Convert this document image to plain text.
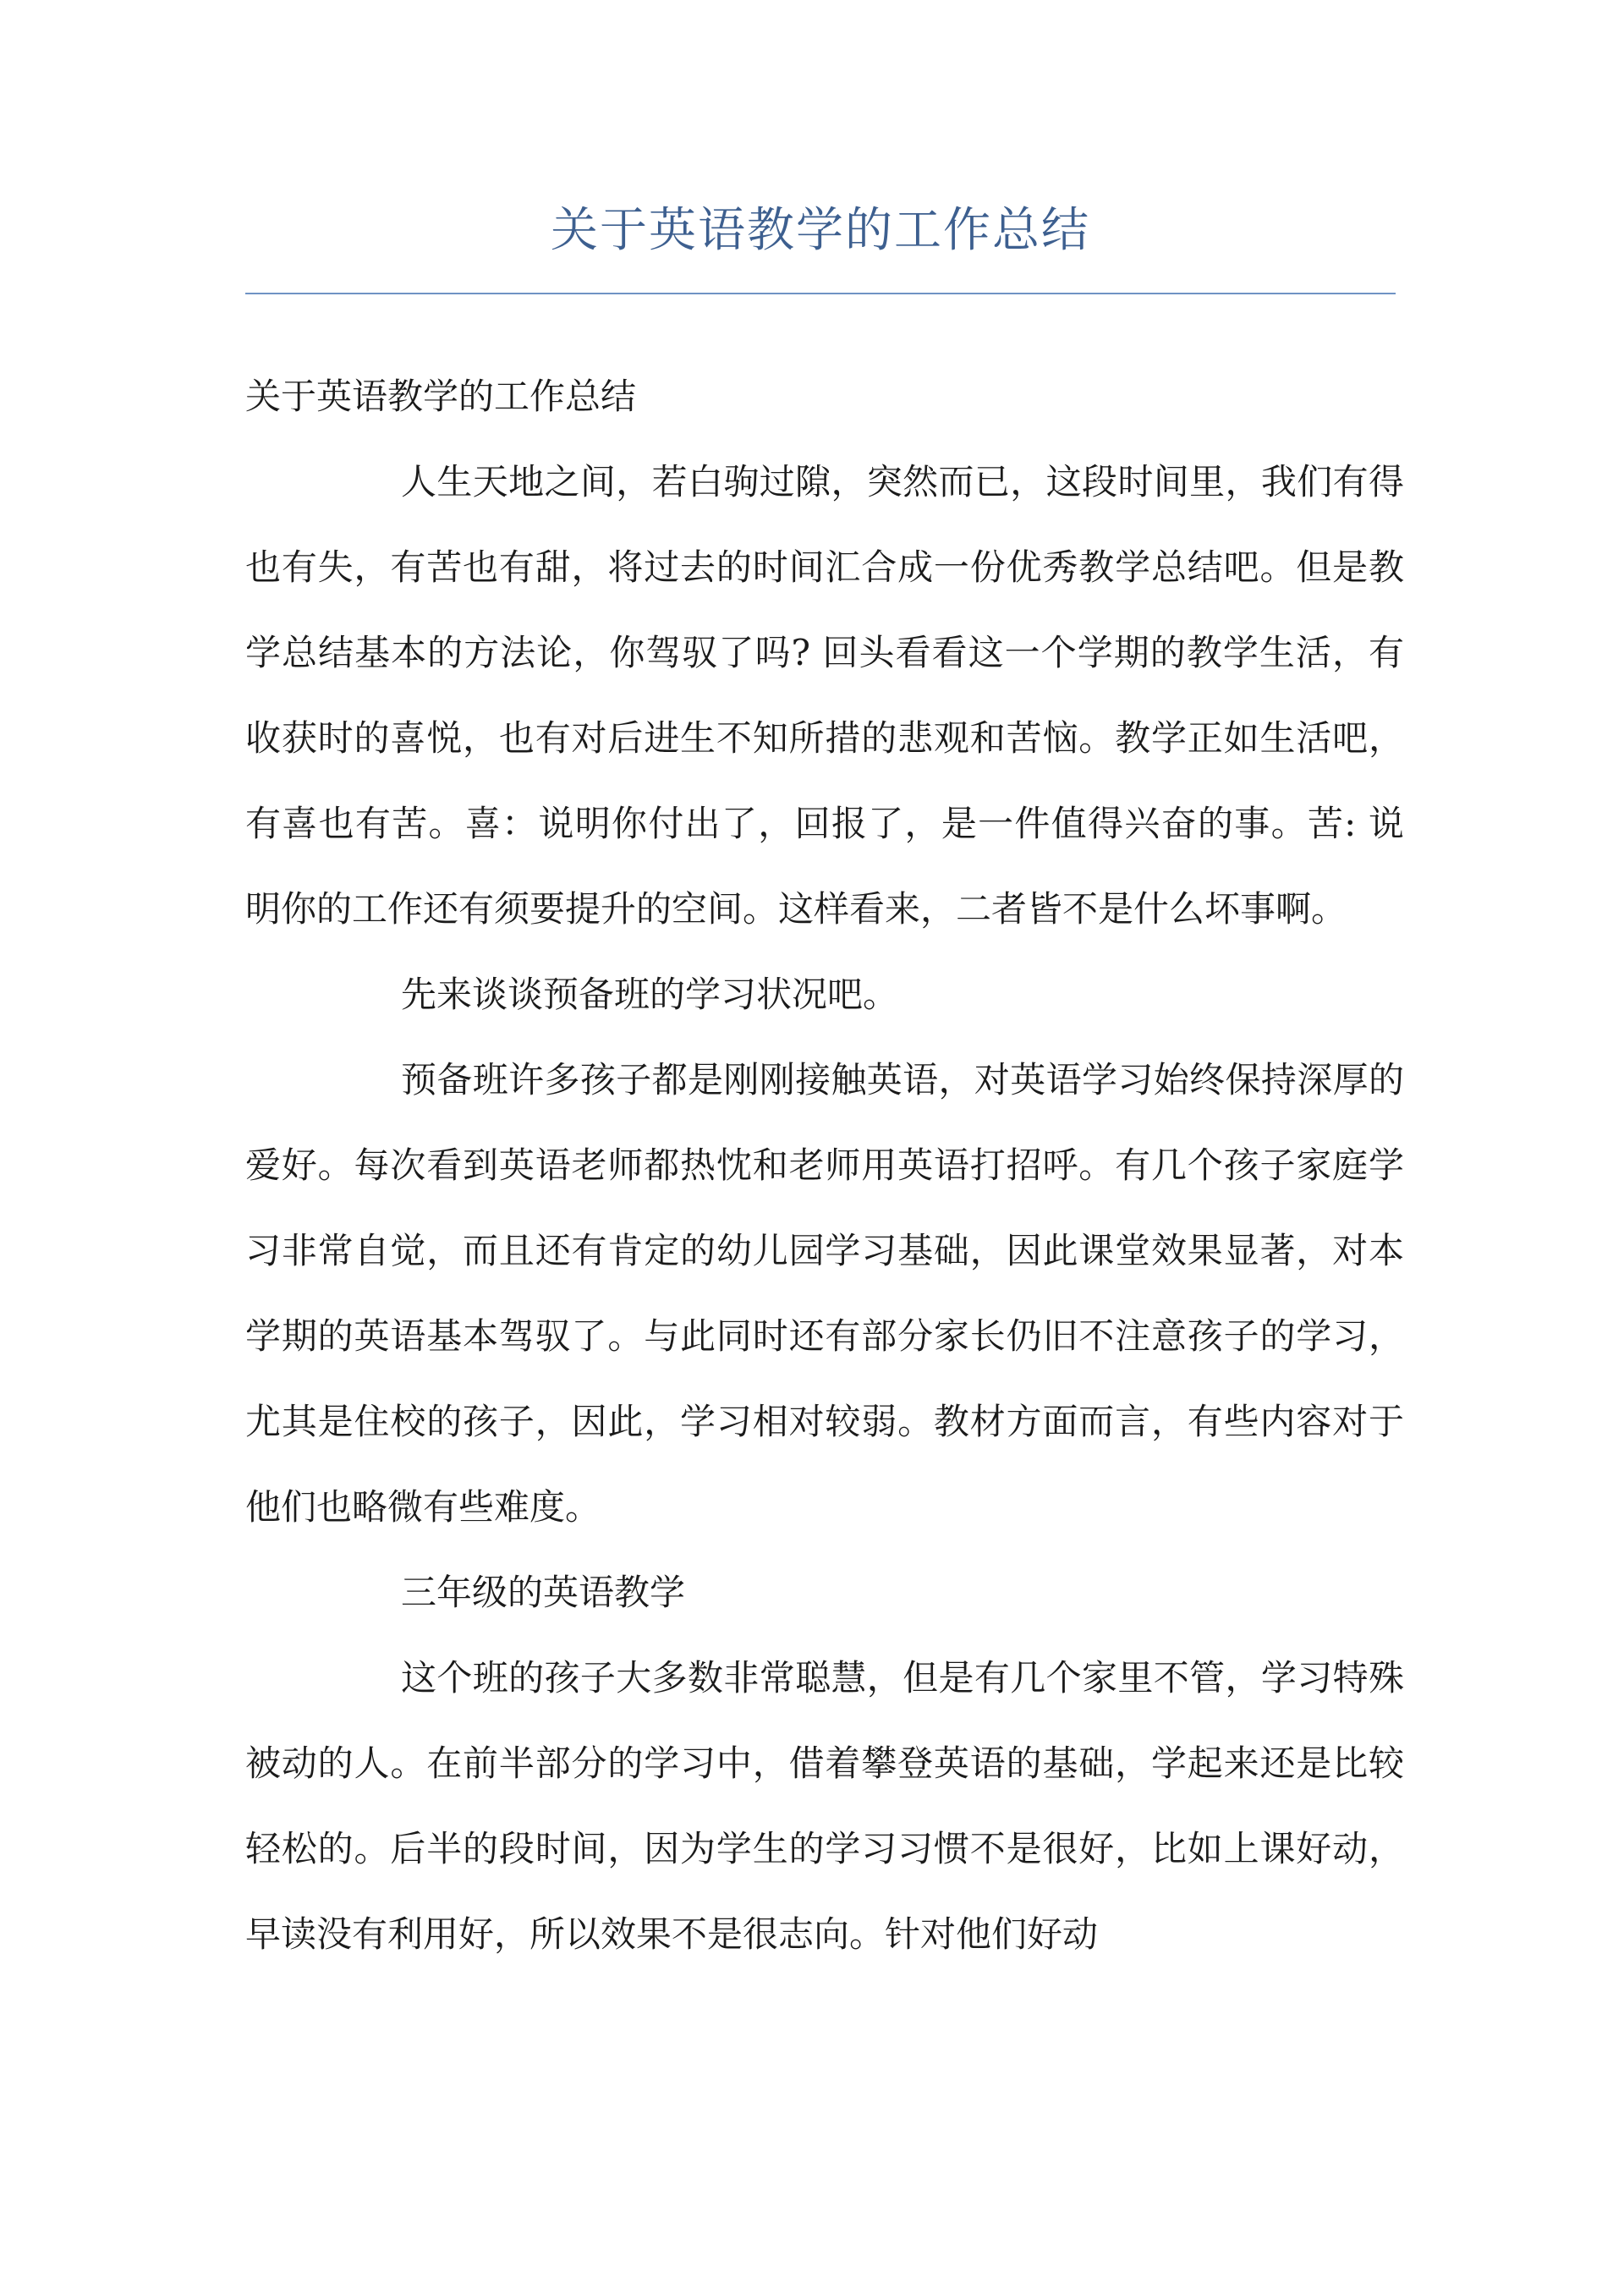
关于英语教学的工作总结

关于英语教学的工作总结

人生天地之间，若白驹过隙，突然而已，这段时间里，我们有得也有失，有苦也有甜，将过去的时间汇合成一份优秀教学总结吧。但是教学总结基本的方法论，你驾驭了吗? 回头看看这一个学期的教学生活，有收获时的喜悦，也有对后进生不知所措的悲观和苦恼。教学正如生活吧，有喜也有苦。喜：说明你付出了，回报了，是一件值得兴奋的事。苦: 说明你的工作还有须要提升的空间。这样看来，二者皆不是什么坏事啊。

先来谈谈预备班的学习状况吧。

预备班许多孩子都是刚刚接触英语，对英语学习始终保持深厚的爱好。每次看到英语老师都热忱和老师用英语打招呼。有几个孩子家庭学习非常自觉，而且还有肯定的幼儿园学习基础，因此课堂效果显著，对本学期的英语基本驾驭了。与此同时还有部分家长仍旧不注意孩子的学习，尤其是住校的孩子，因此，学习相对较弱。教材方面而言，有些内容对于他们也略微有些难度。

三年级的英语教学

这个班的孩子大多数非常聪慧，但是有几个家里不管，学习特殊被动的人。在前半部分的学习中，借着攀登英语的基础，学起来还是比较轻松的。后半的段时间，因为学生的学习习惯不是很好，比如上课好动，早读没有利用好，所以效果不是很志向。针对他们好动
